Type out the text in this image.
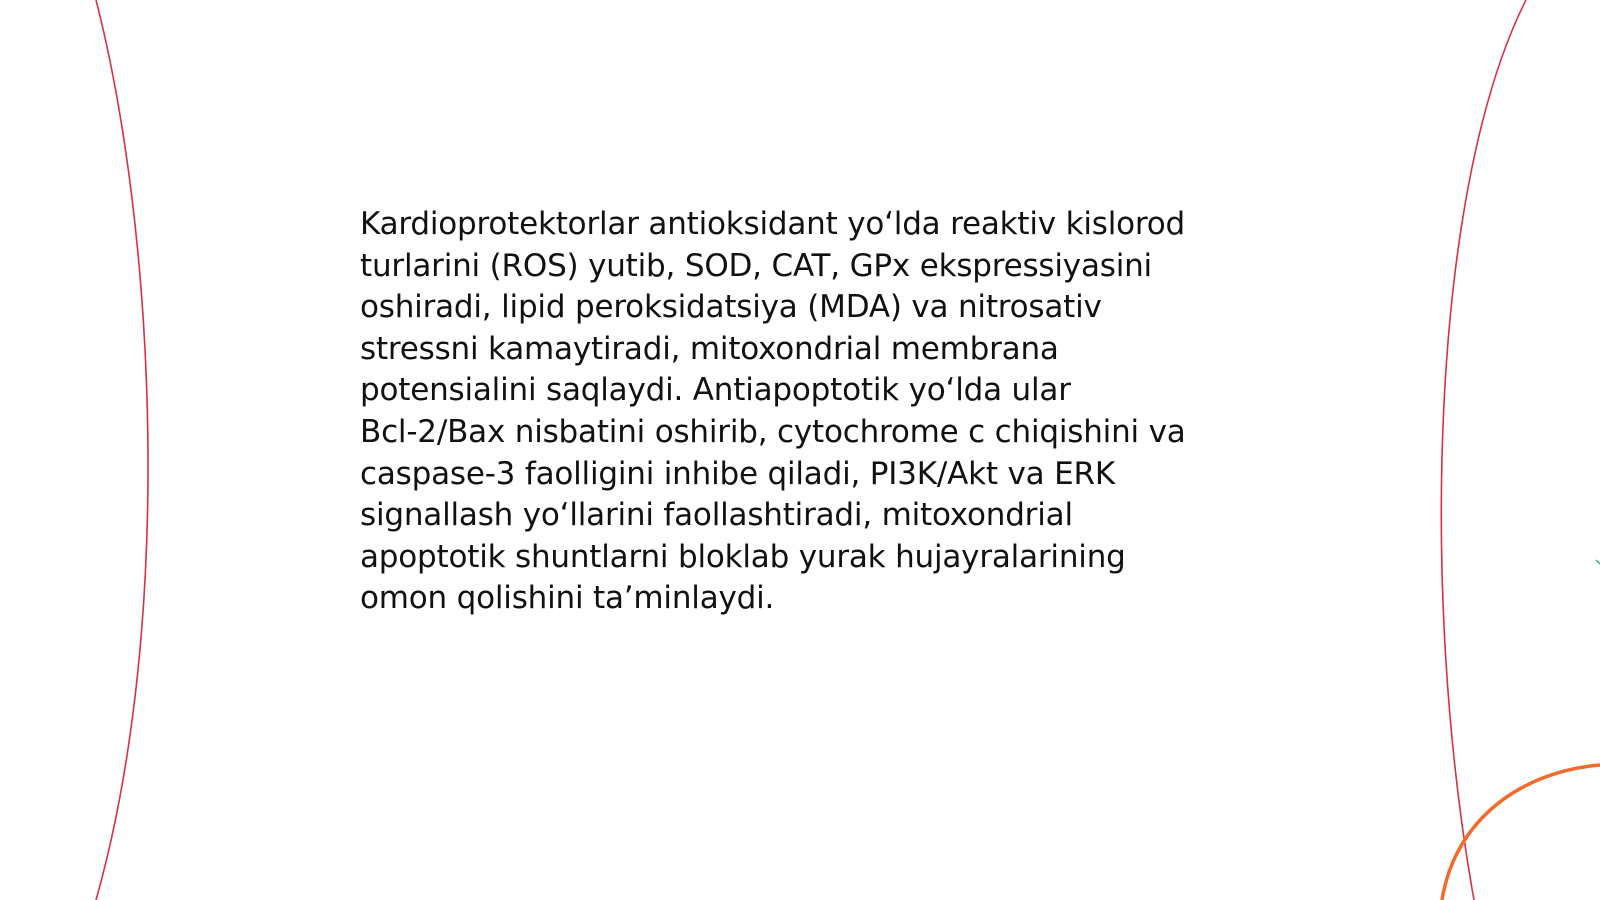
Kardioprotektorlar antioksidant yo‘lda reaktiv kislorod
turlarini (ROS) yutib, SOD, CAT, GPx ekspressiyasini
oshiradi, lipid peroksidatsiya (MDA) va nitrosativ
stressni kamaytiradi, mitoxondrial membrana
potensialini saqlaydi. Antiapoptotik yo‘lda ular
Bcl-2/Bax nisbatini oshirib, cytochrome c chiqishini va
caspase-3 faolligini inhibe qiladi, PI3K/Akt va ERK
signallash yo‘llarini faollashtiradi, mitoxondrial
apoptotik shuntlarni bloklab yurak hujayralarining
omon qolishini ta’minlaydi.
